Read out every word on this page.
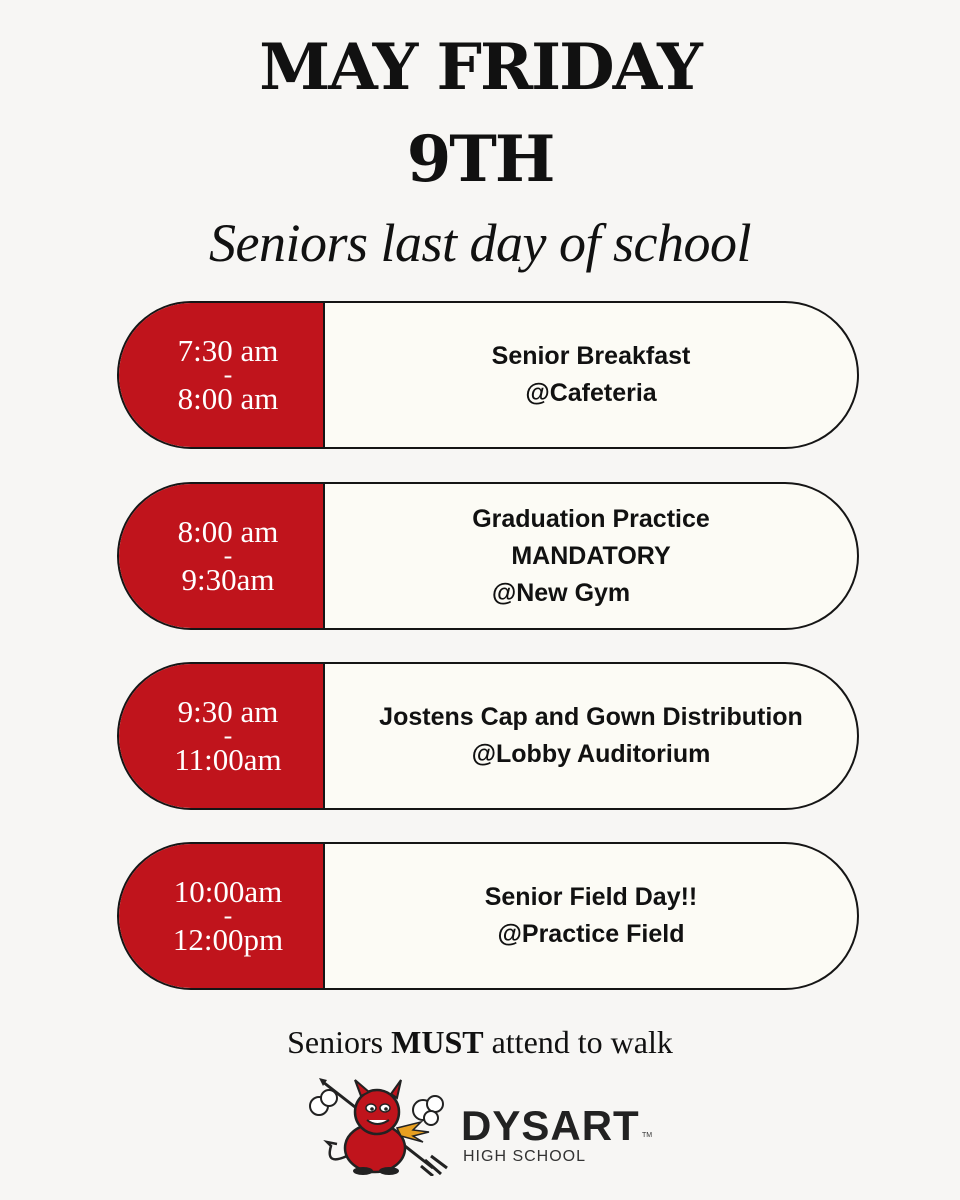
MAY FRIDAY
9TH
Seniors last day of school
7:30 am
-
8:00 am
Senior Breakfast
@Cafeteria
8:00 am
-
9:30am
Graduation Practice
MANDATORY
@New Gym
9:30 am
-
11:00am
Jostens Cap and Gown Distribution
@Lobby Auditorium
10:00am
-
12:00pm
Senior Field Day!!
@Practice Field
Seniors MUST attend to walk
DYSART TM
HIGH SCHOOL
